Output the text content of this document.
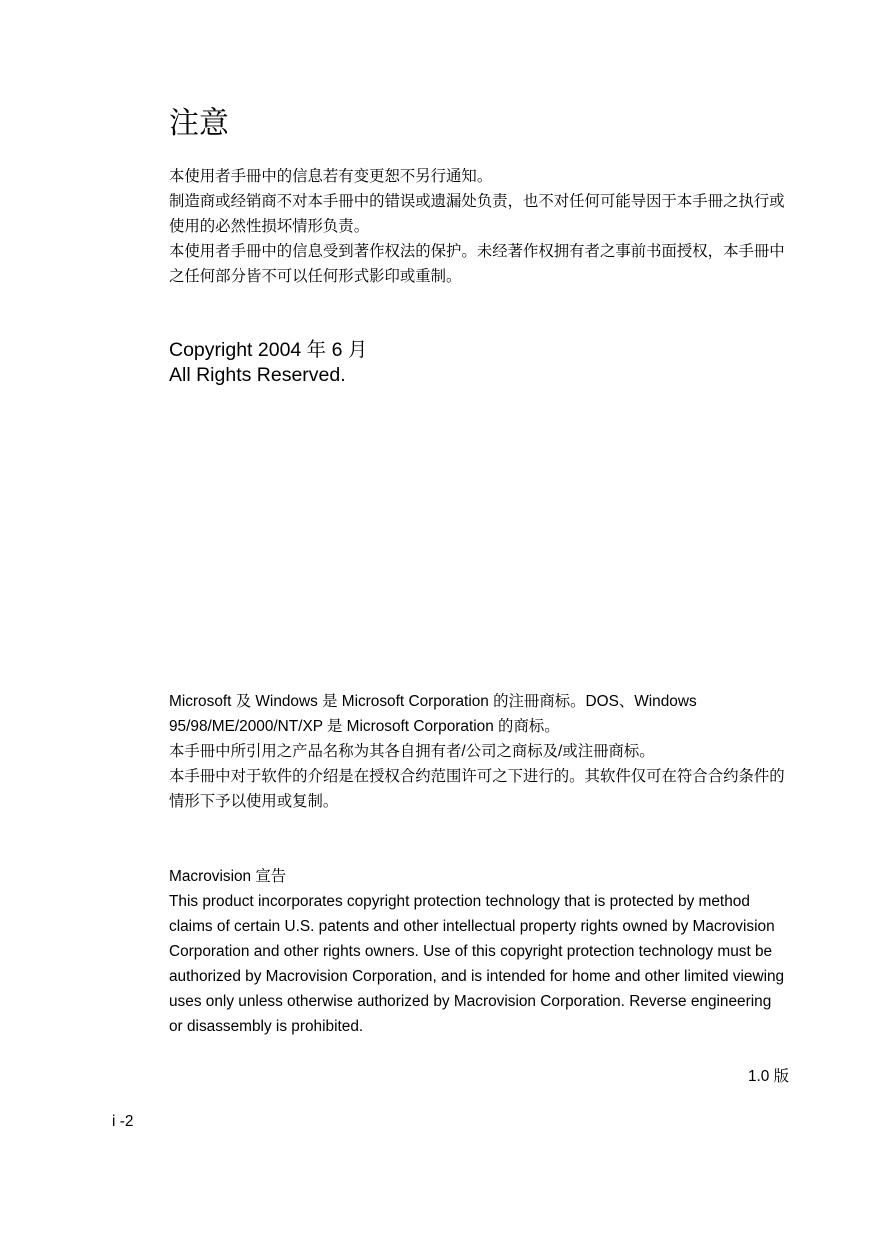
注意

本使用者手冊中的信息若有变更恕不另行通知。

制造商或经销商不对本手冊中的错误或遗漏处负责，也不对任何可能导因于本手冊之执行或使用的必然性损坏情形负责。

本使用者手冊中的信息受到著作权法的保护。未经著作权拥有者之事前书面授权，本手冊中之任何部分皆不可以任何形式影印或重制。

Copyright 2004 年 6 月
All Rights Reserved.

Microsoft 及 Windows 是 Microsoft Corporation 的注冊商标。DOS、Windows 95/98/ME/2000/NT/XP 是 Microsoft Corporation 的商标。

本手冊中所引用之产品名称为其各自拥有者/公司之商标及/或注冊商标。

本手冊中对于软件的介绍是在授权合约范围许可之下进行的。其软件仅可在符合合约条件的情形下予以使用或复制。

Macrovision 宣告

This product incorporates copyright protection technology that is protected by method claims of certain U.S. patents and other intellectual property rights owned by Macrovision Corporation and other rights owners. Use of this copyright protection technology must be authorized by Macrovision Corporation, and is intended for home and other limited viewing uses only unless otherwise authorized by Macrovision Corporation. Reverse engineering or disassembly is prohibited.

1.0 版
i -2
